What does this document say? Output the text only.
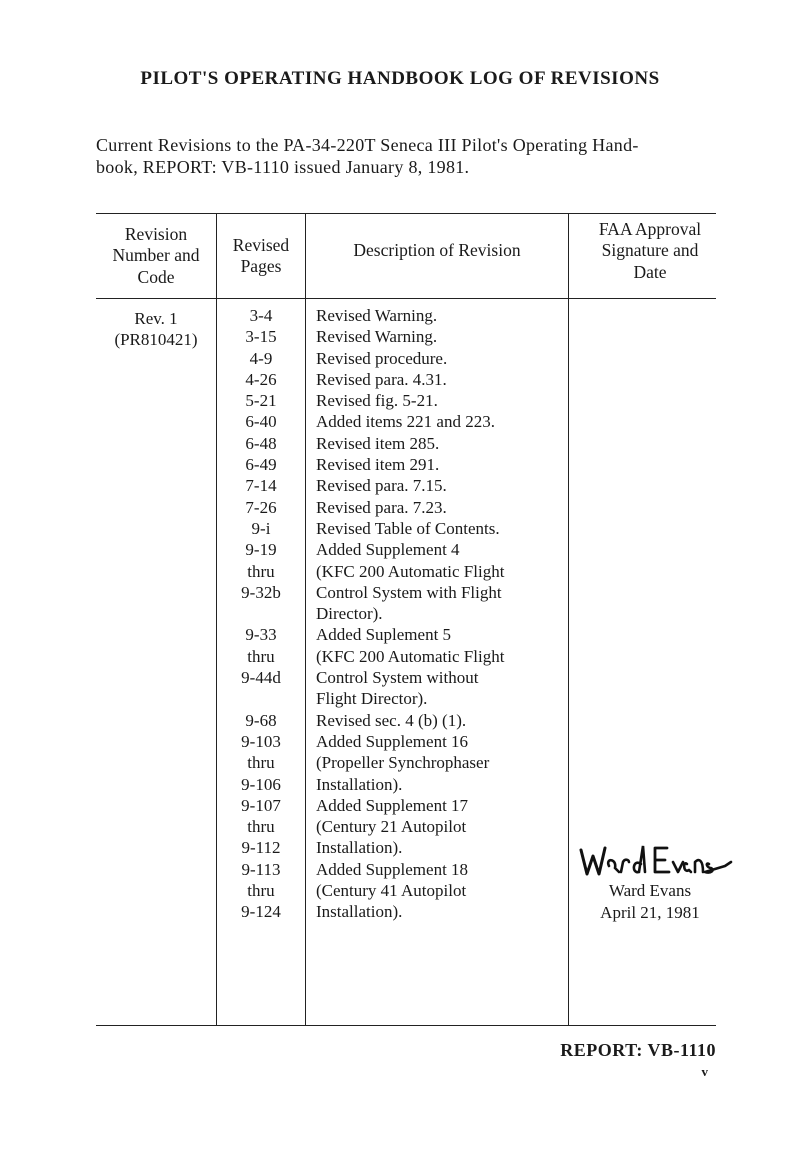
PILOT'S OPERATING HANDBOOK LOG OF REVISIONS

Current Revisions to the PA-34-220T Seneca III Pilot's Operating Hand-
book, REPORT: VB-1110 issued January 8, 1981.

Revision
Number and
Code
Revised
Pages
Description of Revision
FAA Approval
Signature and
Date
Rev. 1
(PR810421)
3-4
3-15
4-9
4-26
5-21
6-40
6-48
6-49
7-14
7-26
9-i
9-19
thru
9-32b
9-33
thru
9-44d
9-68
9-103
thru
9-106
9-107
thru
9-112
9-113
thru
9-124
Revised Warning.
Revised Warning.
Revised procedure.
Revised para. 4.31.
Revised fig. 5-21.
Added items 221 and 223.
Revised item 285.
Revised item 291.
Revised para. 7.15.
Revised para. 7.23.
Revised Table of Contents.
Added Supplement 4
(KFC 200 Automatic Flight
Control System with Flight
Director).
Added Suplement 5
(KFC 200 Automatic Flight
Control System without
Flight Director).
Revised sec. 4 (b) (1).
Added Supplement 16
(Propeller Synchrophaser
Installation).
Added Supplement 17
(Century 21 Autopilot
Installation).
Added Supplement 18
(Century 41 Autopilot
Installation).
Ward Evans
April 21, 1981
REPORT: VB-1110
v
